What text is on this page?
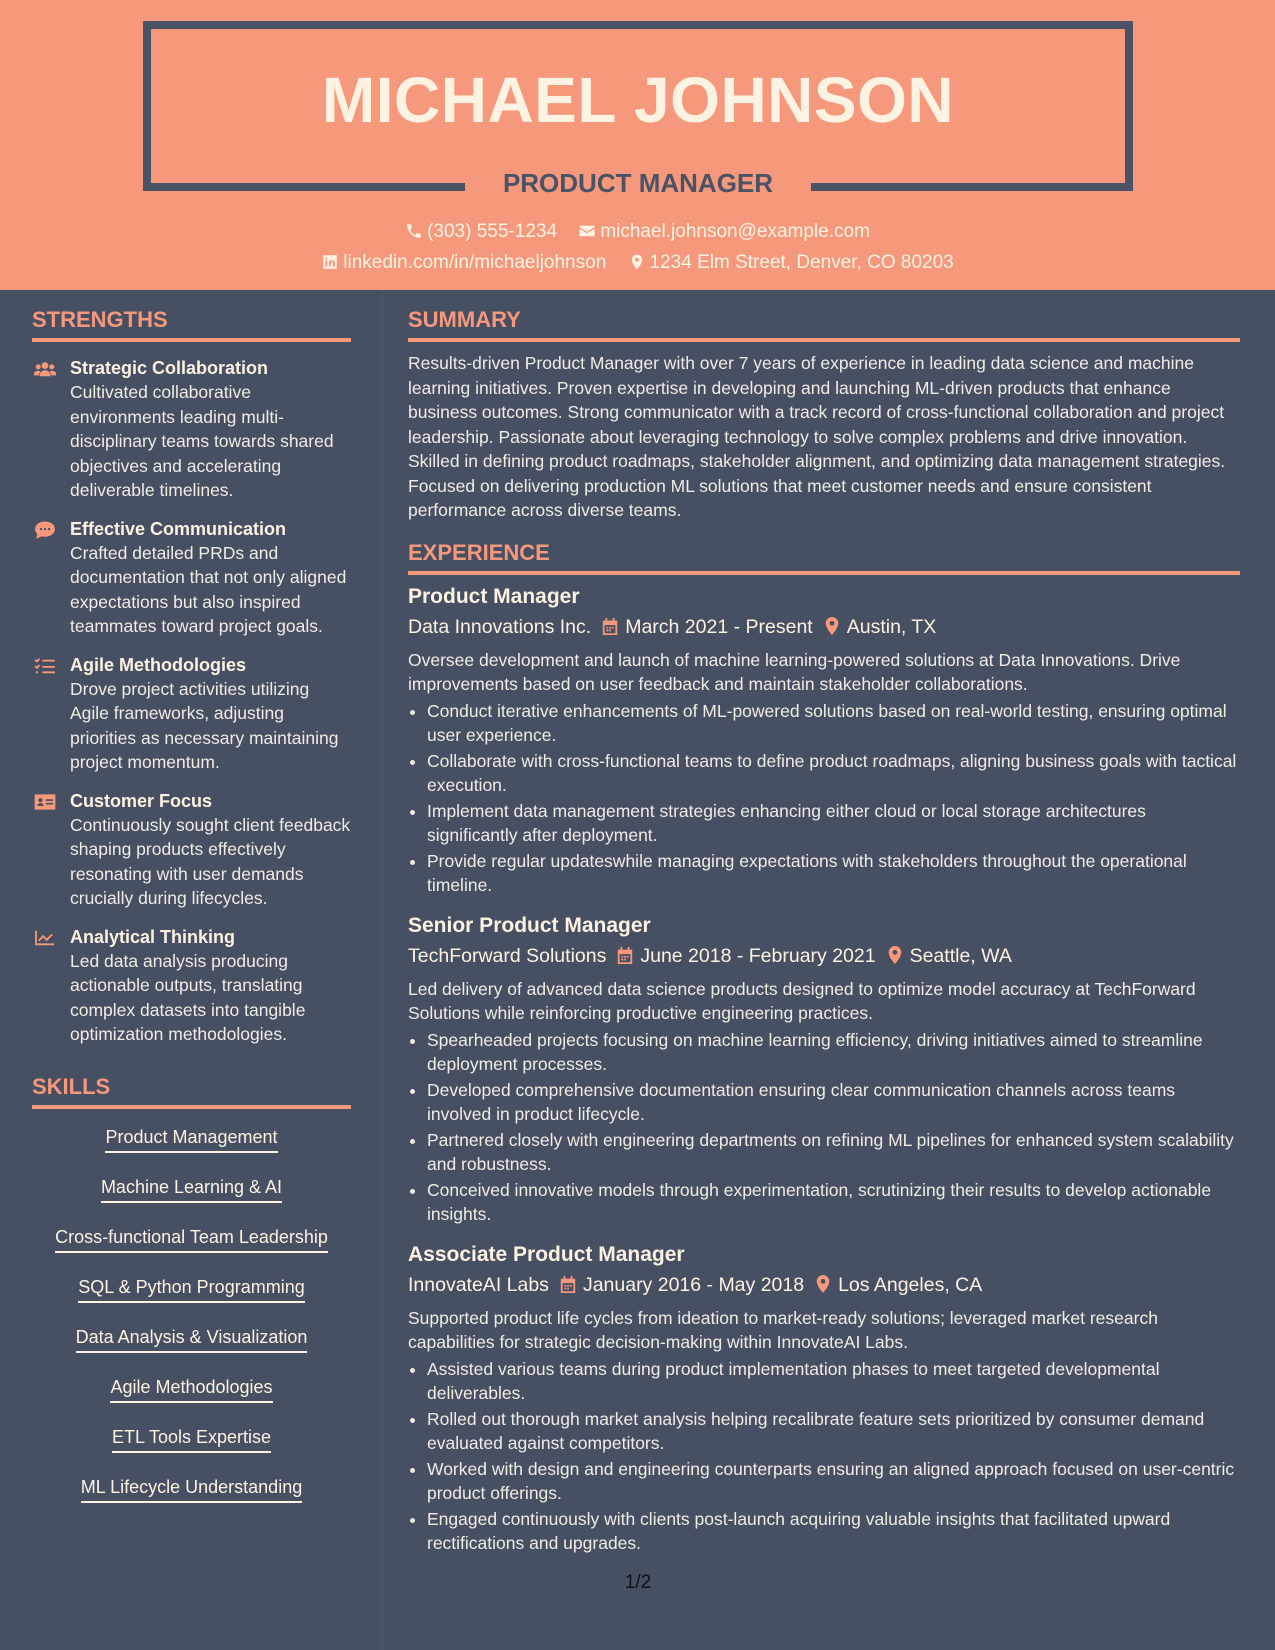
MICHAEL JOHNSON
PRODUCT MANAGER
(303) 555-1234 michael.johnson@example.com
linkedin.com/in/michaeljohnson 1234 Elm Street, Denver, CO 80203
STRENGTHS
Strategic Collaboration
Cultivated collaborative environments leading multi-disciplinary teams towards shared objectives and accelerating deliverable timelines.
Effective Communication
Crafted detailed PRDs and documentation that not only aligned expectations but also inspired teammates toward project goals.
Agile Methodologies
Drove project activities utilizing Agile frameworks, adjusting priorities as necessary maintaining project momentum.
Customer Focus
Continuously sought client feedback shaping products effectively resonating with user demands crucially during lifecycles.
Analytical Thinking
Led data analysis producing actionable outputs, translating complex datasets into tangible optimization methodologies.
SKILLS
Product Management
Machine Learning & AI
Cross-functional Team Leadership
SQL & Python Programming
Data Analysis & Visualization
Agile Methodologies
ETL Tools Expertise
ML Lifecycle Understanding
SUMMARY
Results-driven Product Manager with over 7 years of experience in leading data science and machine learning initiatives. Proven expertise in developing and launching ML-driven products that enhance business outcomes. Strong communicator with a track record of cross-functional collaboration and project leadership. Passionate about leveraging technology to solve complex problems and drive innovation. Skilled in defining product roadmaps, stakeholder alignment, and optimizing data management strategies. Focused on delivering production ML solutions that meet customer needs and ensure consistent performance across diverse teams.
EXPERIENCE
Product Manager
Data Innovations Inc. March 2021 - Present Austin, TX
Oversee development and launch of machine learning-powered solutions at Data Innovations. Drive improvements based on user feedback and maintain stakeholder collaborations.
• Conduct iterative enhancements of ML-powered solutions based on real-world testing, ensuring optimal user experience.
• Collaborate with cross-functional teams to define product roadmaps, aligning business goals with tactical execution.
• Implement data management strategies enhancing either cloud or local storage architectures significantly after deployment.
• Provide regular updateswhile managing expectations with stakeholders throughout the operational timeline.
Senior Product Manager
TechForward Solutions June 2018 - February 2021 Seattle, WA
Led delivery of advanced data science products designed to optimize model accuracy at TechForward Solutions while reinforcing productive engineering practices.
• Spearheaded projects focusing on machine learning efficiency, driving initiatives aimed to streamline deployment processes.
• Developed comprehensive documentation ensuring clear communication channels across teams involved in product lifecycle.
• Partnered closely with engineering departments on refining ML pipelines for enhanced system scalability and robustness.
• Conceived innovative models through experimentation, scrutinizing their results to develop actionable insights.
Associate Product Manager
InnovateAI Labs January 2016 - May 2018 Los Angeles, CA
Supported product life cycles from ideation to market-ready solutions; leveraged market research capabilities for strategic decision-making within InnovateAI Labs.
• Assisted various teams during product implementation phases to meet targeted developmental deliverables.
• Rolled out thorough market analysis helping recalibrate feature sets prioritized by consumer demand evaluated against competitors.
• Worked with design and engineering counterparts ensuring an aligned approach focused on user-centric product offerings.
• Engaged continuously with clients post-launch acquiring valuable insights that facilitated upward rectifications and upgrades.
1/2
